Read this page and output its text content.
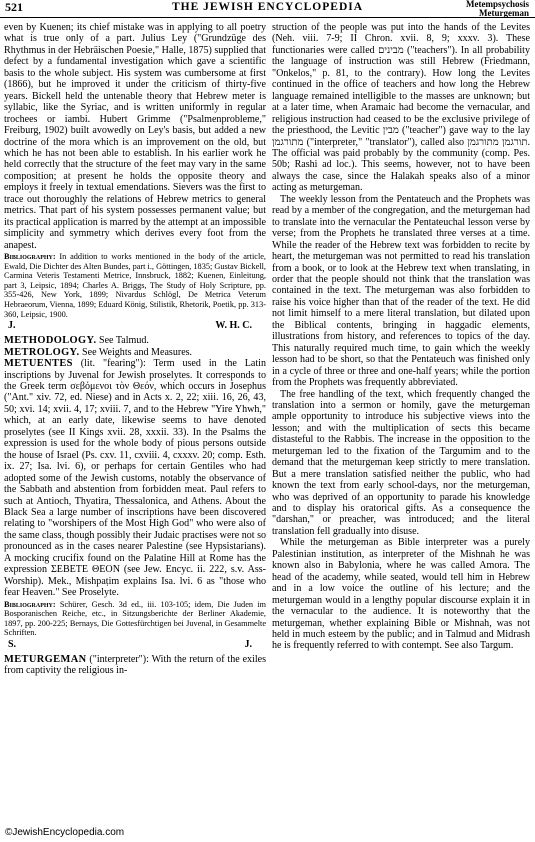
521	THE JEWISH ENCYCLOPEDIA	Metempsychosis
Meturgeman

even by Kuenen; its chief mistake was in applying to all poetry what is true only of a part. Julius Ley ("Grundzüge des Rhythmus in der Hebräischen Poesie," Halle, 1875) supplied that defect by a fundamental investigation which gave a scientific basis to the whole subject. His system was cumbersome at first (1866), but he improved it under the criticism of thirty-five years. Bickell held the untenable theory that Hebrew meter is syllabic, like the Syriac, and is written uniformly in regular trochees or iambi. Hubert Grimme ("Psalmenprobleme," Freiburg, 1902) built avowedly on Ley's basis, but added a new doctrine of the mora which is an improvement on the old, but which he has not been able to establish. In his earlier work he held correctly that the structure of the feet may vary in the same composition; at present he holds the opposite theory and employs it freely in textual emendations. Sievers was the first to trace out thoroughly the relations of Hebrew metrics to general metrics. That part of his system possesses permanent value; but its practical application is marred by the attempt at an impossible simplicity and symmetry which derives every foot from the anapest.

Bibliography: In addition to works mentioned in the body of the article, Ewald, Die Dichter des Alten Bundes, part i., Göttingen, 1835; Gustav Bickell, Carmina Veteris Testamenti Metrice, Innsbruck, 1882; Kuenen, Einleitung, part 3, Leipsic, 1894; Charles A. Briggs, The Study of Holy Scripture, pp. 355-426, New York, 1899; Nivardus Schlögl, De Metrica Veterum Hebraeorum, Vienna, 1899; Eduard König, Stilistik, Rhetorik, Poetik, pp. 313-360, Leipsic, 1900.
J.	W. H. C.

METHODOLOGY. See Talmud.

METROLOGY. See Weights and Measures.

METUENTES (lit. "fearing"): Term used in the Latin inscriptions by Juvenal for Jewish proselytes. It corresponds to the Greek term σεβόμενοι τὸν Θεόν, which occurs in Josephus ("Ant." xiv. 72, ed. Niese) and in Acts x. 2, 22; xiii. 16, 26, 43, 50; xvi. 14; xvii. 4, 17; xviii. 7, and to the Hebrew "Yire Yhwh," which, at an early date, likewise seems to have denoted proselytes (see II Kings xvii. 28, xxxii. 33). In the Psalms the expression is used for the whole body of pious persons outside the house of Israel (Ps. cxv. 11, cxviii. 4, cxxxv. 20; comp. Esth. ix. 27; Isa. lvi. 6), or perhaps for certain Gentiles who had adopted some of the Jewish customs, notably the observance of the Sabbath and abstention from forbidden meat. Paul refers to such at Antioch, Thyatira, Thessalonica, and Athens. About the Black Sea a large number of inscriptions have been discovered relating to "worshipers of the Most High God" who were also of the same class, though possibly their Judaic practises were not so pronounced as in the cases nearer Palestine (see Hypsistarians). A mocking crucifix found on the Palatine Hill at Rome has the expression ΣΕΒΕΤΕ ΘΕΟΝ (see Jew. Encyc. ii. 222, s.v. Ass-Worship). Mek., Mishpaṭim explains Isa. lvi. 6 as "those who fear Heaven." See Proselyte.

Bibliography: Schürer, Gesch. 3d ed., iii. 103-105; idem, Die Juden im Bosporanischen Reiche, etc., in Sitzungsberichte der Berliner Akademie, 1897, pp. 200-225; Bernays, Die Gottesfürchtigen bei Juvenal, in Gesammelte Schriften.
S.	J.

METURGEMAN ("interpreter"): With the return of the exiles from captivity the religious in-

struction of the people was put into the hands of the Levites (Neh. viii. 7-9; II Chron. xvii. 8, 9; xxxv. 3). These functionaries were called מבינים ("teachers"). In all probability the language of instruction was still Hebrew (Friedmann, "Onkelos," p. 81, to the contrary). How long the Levites continued in the office of teachers and how long the Hebrew language remained intelligible to the masses are unknown; but at a later time, when Aramaic had become the vernacular, and religious instruction had ceased to be the exclusive privilege of the priesthood, the Levitic מבין ("teacher") gave way to the lay מתורגמן ("interpreter," "translator"), called also תורגמן מתורגמן. The official was paid probably by the community (comp. Pes. 50b; Rashi ad loc.). This seems, however, not to have been always the case, since the Halakah speaks also of a minor acting as meturgeman.

The weekly lesson from the Pentateuch and the Prophets was read by a member of the congregation, and the meturgeman had to translate into the vernacular the Pentateuchal lesson verse by verse; from the Prophets he translated three verses at a time. While the reader of the Hebrew text was forbidden to recite by heart, the meturgeman was not permitted to read his translation from a book, or to look at the Hebrew text when translating, in order that the people should not think that the translation was contained in the text. The meturgeman was also forbidden to raise his voice higher than that of the reader of the text. He did not limit himself to a mere literal translation, but dilated upon the Biblical contents, bringing in haggadic elements, illustrations from history, and references to topics of the day. This naturally required much time, to gain which the weekly lesson had to be short, so that the Pentateuch was finished only in a cycle of three or three and one-half years; while the portion from the Prophets was frequently abbreviated.

The free handling of the text, which frequently changed the translation into a sermon or homily, gave the meturgeman ample opportunity to introduce his subjective views into the lesson; and with the multiplication of sects this became distasteful to the Rabbis. The increase in the opposition to the meturgeman led to the fixation of the Targumim and to the demand that the meturgeman keep strictly to mere translation. But a mere translation satisfied neither the public, who had known the text from early school-days, nor the meturgeman, who was deprived of an opportunity to parade his knowledge and to display his oratorical gifts. As a consequence the "darshan," or preacher, was introduced; and the literal translation fell gradually into disuse.

While the meturgeman as Bible interpreter was a purely Palestinian institution, as interpreter of the Mishnah he was known also in Babylonia, where he was called Amora. The head of the academy, while seated, would tell him in Hebrew and in a low voice the outline of his lecture; and the meturgeman would in a lengthy popular discourse explain it in the vernacular to the audience. It is noteworthy that the meturgeman, whether explaining Bible or Mishnah, was not held in much esteem by the public; and in Talmud and Midrash he is frequently referred to with contempt. See also Targum.

©JewishEncyclopedia.com
